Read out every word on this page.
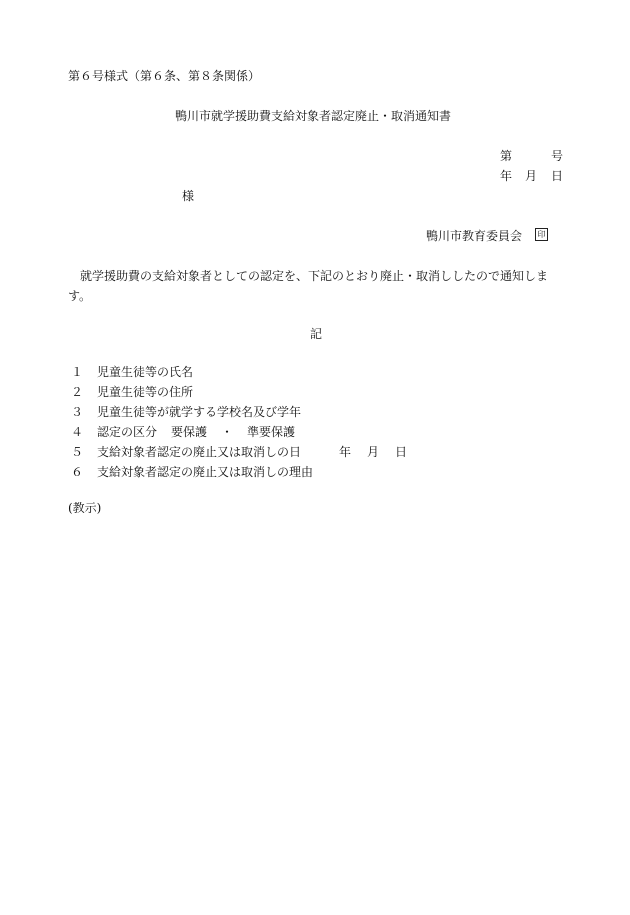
第６号様式（第６条、第８条関係）
鴨川市就学援助費支給対象者認定廃止・取消通知書
第	号
年 月 日
様
鴨川市教育委員会	印
就学援助費の支給対象者としての認定を、下記のとおり廃止・取消ししたので通知します。
記
１ 児童生徒等の氏名
２ 児童生徒等の住所
３ 児童生徒等が就学する学校名及び学年
４ 認定の区分 要保護 ・ 準要保護
５ 支給対象者認定の廃止又は取消しの日	年 月 日
６ 支給対象者認定の廃止又は取消しの理由
(教示)
